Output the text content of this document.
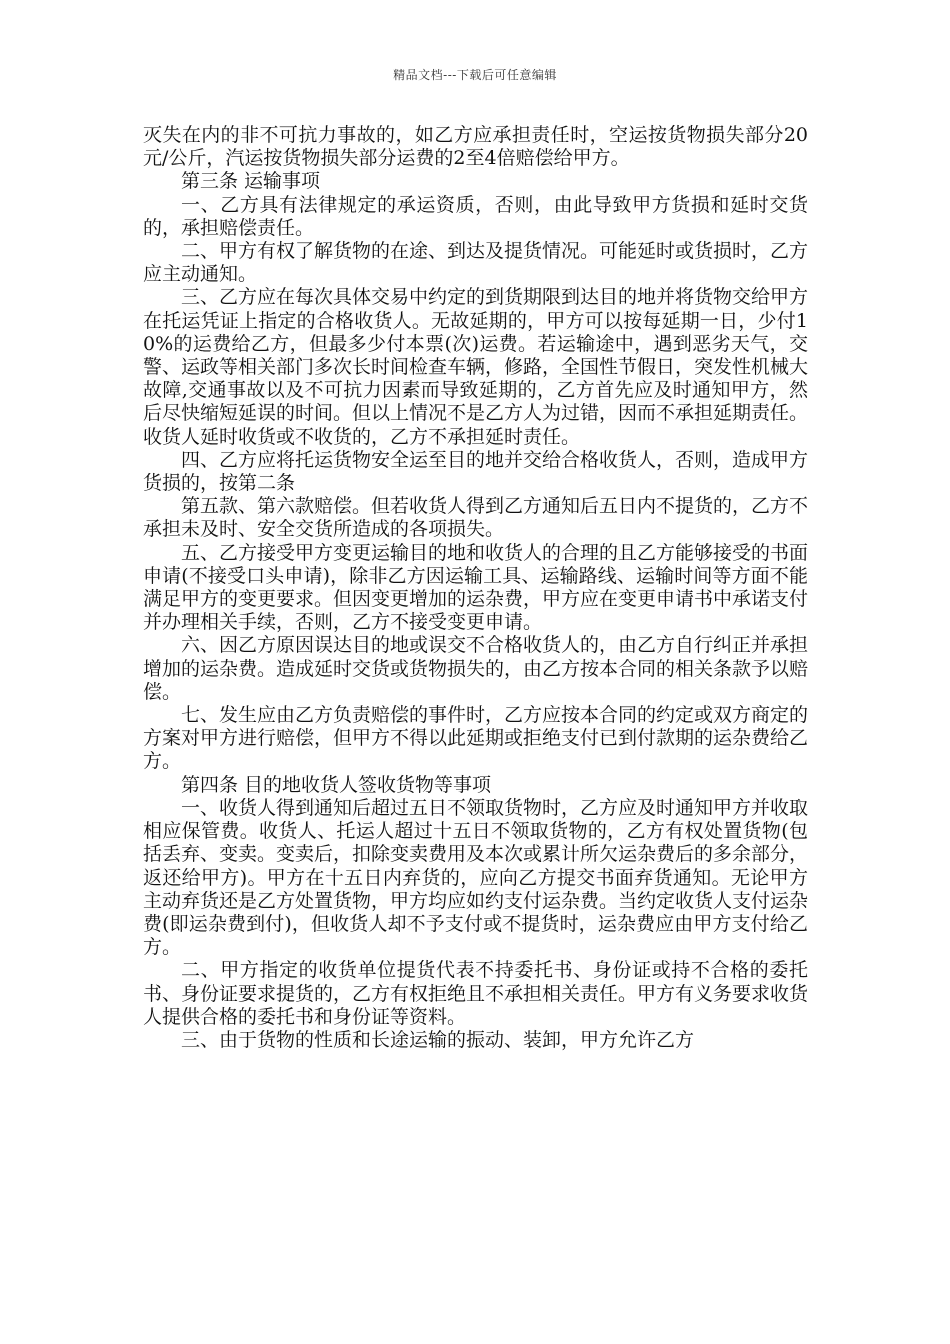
精品文档---下载后可任意编辑

灭失在内的非不可抗力事故的，如乙方应承担责任时，空运按货物损失部分20元/公斤，汽运按货物损失部分运费的2至4倍赔偿给甲方。

第三条 运输事项

一、乙方具有法律规定的承运资质，否则，由此导致甲方货损和延时交货的，承担赔偿责任。

二、甲方有权了解货物的在途、到达及提货情况。可能延时或货损时，乙方应主动通知。

三、乙方应在每次具体交易中约定的到货期限到达目的地并将货物交给甲方在托运凭证上指定的合格收货人。无故延期的，甲方可以按每延期一日，少付10%的运费给乙方，但最多少付本票(次)运费。若运输途中，遇到恶劣天气，交警、运政等相关部门多次长时间检查车辆，修路，全国性节假日，突发性机械大故障,交通事故以及不可抗力因素而导致延期的，乙方首先应及时通知甲方，然后尽快缩短延误的时间。但以上情况不是乙方人为过错，因而不承担延期责任。收货人延时收货或不收货的，乙方不承担延时责任。

四、乙方应将托运货物安全运至目的地并交给合格收货人，否则，造成甲方货损的，按第二条

第五款、第六款赔偿。但若收货人得到乙方通知后五日内不提货的，乙方不承担未及时、安全交货所造成的各项损失。

五、乙方接受甲方变更运输目的地和收货人的合理的且乙方能够接受的书面申请(不接受口头申请)，除非乙方因运输工具、运输路线、运输时间等方面不能满足甲方的变更要求。但因变更增加的运杂费，甲方应在变更申请书中承诺支付并办理相关手续，否则，乙方不接受变更申请。

六、因乙方原因误达目的地或误交不合格收货人的，由乙方自行纠正并承担增加的运杂费。造成延时交货或货物损失的，由乙方按本合同的相关条款予以赔偿。

七、发生应由乙方负责赔偿的事件时，乙方应按本合同的约定或双方商定的方案对甲方进行赔偿，但甲方不得以此延期或拒绝支付已到付款期的运杂费给乙方。

第四条 目的地收货人签收货物等事项

一、收货人得到通知后超过五日不领取货物时，乙方应及时通知甲方并收取相应保管费。收货人、托运人超过十五日不领取货物的，乙方有权处置货物(包括丢弃、变卖。变卖后，扣除变卖费用及本次或累计所欠运杂费后的多余部分，返还给甲方)。甲方在十五日内弃货的，应向乙方提交书面弃货通知。无论甲方主动弃货还是乙方处置货物，甲方均应如约支付运杂费。当约定收货人支付运杂费(即运杂费到付)，但收货人却不予支付或不提货时，运杂费应由甲方支付给乙方。

二、甲方指定的收货单位提货代表不持委托书、身份证或持不合格的委托书、身份证要求提货的，乙方有权拒绝且不承担相关责任。甲方有义务要求收货人提供合格的委托书和身份证等资料。

三、由于货物的性质和长途运输的振动、装卸，甲方允许乙方
